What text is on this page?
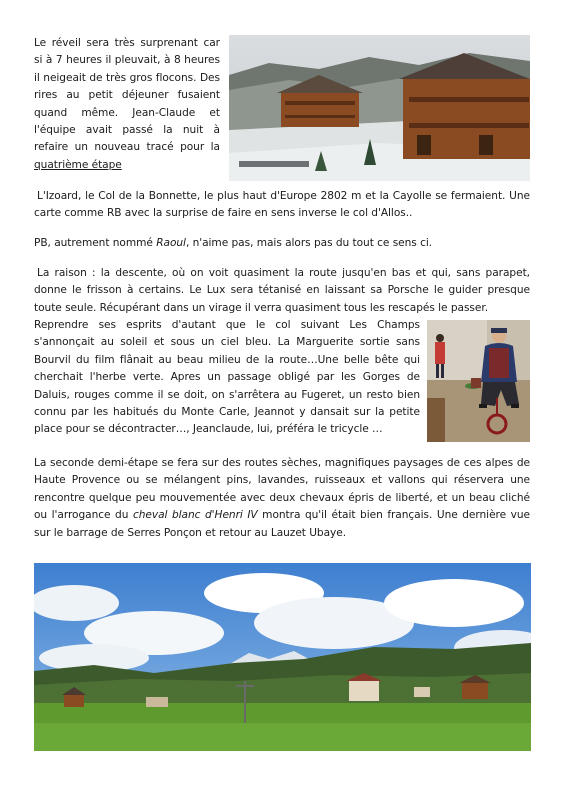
Le réveil sera très surprenant car si à 7 heures il pleuvait, à 8 heures il neigeait de très gros flocons. Des rires au petit déjeuner fusaient quand même. Jean-Claude et l'équipe avait passé la nuit à refaire un nouveau tracé pour la quatrième étape

L'Izoard, le Col de la Bonnette, le plus haut d'Europe 2802 m et la Cayolle se fermaient. Une carte comme RB avec la surprise de faire en sens inverse le col d'Allos..

PB, autrement nommé Raoul, n'aime pas, mais alors pas du tout ce sens ci.

La raison : la descente, où on voit quasiment la route jusqu'en bas et qui, sans parapet, donne le frisson à certains. Le Lux sera tétanisé en laissant sa Porsche le guider presque toute seule. Récupérant dans un virage il verra quasiment tous les rescapés le passer.

Reprendre ses esprits d'autant que le col suivant Les Champs s'annonçait au soleil et sous un ciel bleu. La Marguerite sortie sans Bourvil du film flânait au beau milieu de la route…Une belle bête qui cherchait l'herbe verte. Apres un passage obligé par les Gorges de Daluis, rouges comme il se doit, on s'arrêtera au Fugeret, un resto bien connu par les habitués du Monte Carle, Jeannot y dansait sur la petite place pour se décontracter…, Jeanclaude, lui, préféra le tricycle …

La seconde demi-étape se fera sur des routes sèches, magnifiques paysages de ces alpes de Haute Provence ou se mélangent pins, lavandes, ruisseaux et vallons qui réservera une rencontre quelque peu mouvementée avec deux chevaux épris de liberté, et un beau cliché ou l'arrogance du cheval blanc d'Henri IV montra qu'il était bien français. Une dernière vue sur le barrage de Serres Ponçon et retour au Lauzet Ubaye.
